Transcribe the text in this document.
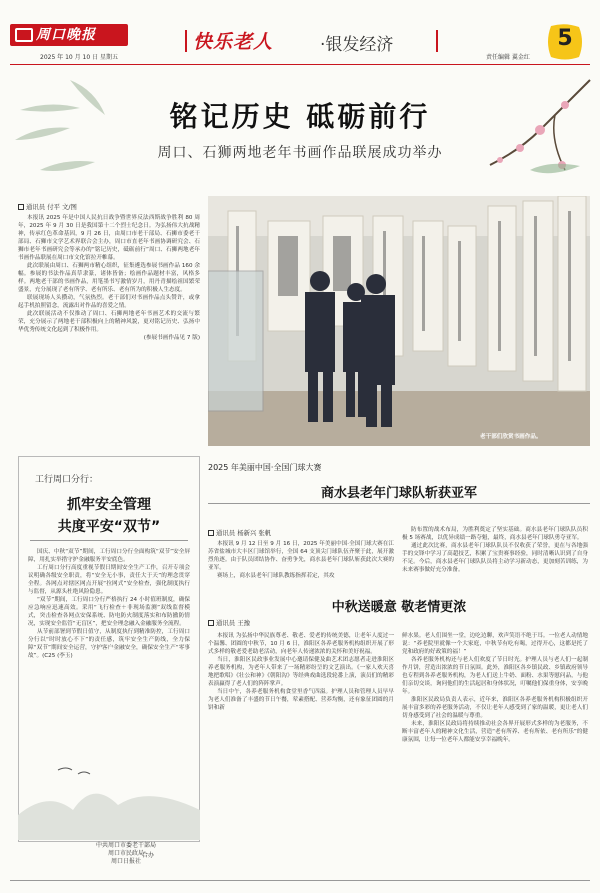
周口晚报
2025 年 10 月 10 日 星期五
快乐老人	·银发经济
责任编辑 翼金红
5
铭记历史 砥砺前行
周口、石狮两地老年书画作品联展成功举办
通讯员 付平 文/图

本报讯 2025 年是中国人民抗日战争暨世界反法西斯战争胜利 80 周年，2025 年 9 月 30 日是我国第十二个烈士纪念日。为弘扬伟大抗战精神，传承红色革命基因，9 月 26 日，由周口市老干部局、石狮市委老干部局、石狮市文学艺术界联合会主办，周口市直老年书画协调研究会、石狮市老年书画研究会等承办的“铭记历史，砥砺前行”周口、石狮两地老年书画作品联展在周口市文化馆拉开帷幕。

此次联展由周口、石狮两市精心组织，征集遴选参展书画作品 160 余幅。参展的书法作品真草隶篆，诸体皆备；绘画作品题材丰富，风格多样。两地老干部的书画作品，用笔墨书写激情岁月，用丹青描绘祖国繁荣盛景，充分展现了老有所学、老有所乐、老有所为的积极人生态度。

联展现场人头攒动，气氛热烈。老干部们对书画作品点头赞许，或拿起手机拍照留念，流露出对作品的喜爱之情。

此次联展活动不仅推动了周口、石狮两地老年书画艺术的交流与繁荣，充分展示了两地老干部积极向上的精神风貌，更对铭记历史、弘扬中华优秀传统文化起到了积极作用。

(参展书画作品见 7 版)
老干部们欣赏书画作品。
工行周口分行：
抓牢安全管理
共度平安“双节”

国庆、中秋“双节”期间，工行周口分行全面构筑“双节”安全屏障，用扎实举措守护金融服务平安底色。

工行周口分行高度重视节假日期间安全生产工作，召开专项会议明确各级安全职责，将“安全无小事，责任大于天”的理念贯穿全程。各网点对辖区网点开展“拉网式”安全检查，强化制度执行与监督，从源头杜绝风险隐患。

“双节”期间，工行周口分行严格执行 24 小时值班制度，确保应急响应迅速高效。采用“飞行检查＋非现场监测”双线监督模式，突击检查各网点安保系统、防电防火制度落实和布防撤防情况，实现安全监管“无盲区”，把安全理念融入金融服务全流程。

从节前部署到节假日值守，从制度执行到精准防控，工行周口分行以“时时放心不下”的责任感，筑牢安全生产防线，全力保障“双节”期间安全运营，守护客户金融安全，确保安全生产“零事故”。(C25 (李玉)

中共周口市委老干部局
周口市民政局
周口日报社
合办
2025 年美丽中国·全国门球大赛
商水县老年门球队斩获亚军
通讯员 杨新兴 张帆

本报讯 9 月 12 日至 9 月 16 日，2025 年美丽中国·全国门球大赛在江苏省盐城市大丰区门球馆举行，全国 64 支顶尖门球队伍齐聚于此，展开激烈角逐。由于队员团结协作、奋勇争先，商水县老年门球队斩获此次大赛的亚军。

赛场上，商水县老年门球队教练指挥若定，其攻

防布置的战术布局，为胜利奠定了坚实基础。商水县老年门球队队员积极 5 场赛战，以优异成绩一路夺魁，最终，商水县老年门球队勇夺亚军。

通过此次比赛，商水县老年门球队队员不仅收获了荣誉，更在与各地强手的交锋中学习了高超技艺，积累了宝贵赛事经验，同时清晰认识到了自身不足。今后，商水县老年门球队队员将主动学习新动态，更加刻苦训练，为未来赛事做好充分准备。

中秋送暖意 敬老情更浓
通讯员 王豫

本报讯 为弘扬中华民族尊老、敬老、爱老的传统美德，让老年人度过一个温馨、团圆的中秋节，10 月 6 日，淮阳区各养老服务机构组织开展了形式多样的敬老爱老助老活动，向老年人传递浓浓的关怀和美好祝福。

当日，淮阳区民政事业发展中心邀请保健及曲艺术团志愿者走进淮阳区养老服务机构，为老年人带来了一场精彩纷呈的文艺演出。《一家人欢天喜地把歌唱》《壮公和神》《朝阳沟》等经典戏曲选段轮番上演，演员们的精彩表演赢得了老人们的阵阵掌声。

当日中午，各养老服务机构食堂里香气四溢。护理人员和管理人员早早为老人们准备了丰盛的节日午餐，荤素搭配、营养均衡，还有象征团圆的月饼和新

鲜水果。老人们围坐一堂，边吃边聊，欢声笑语不绝于耳。一位老人动情地说：“养老院里就像一个大家庭，中秋节有吃有喝，过得开心，这都是托了党和政府的好政策的福！”

各养老服务机构还与老人们欢度了节日时光。护理人员与老人们一起制作月饼，营造出浓浓的节日氛围。此外，淮阳区各乡镇民政、乡镇政府领导也专程到各养老服务机构，为老人们送上牛奶、面粉、水果等慰问品，与他们亲切交谈，询问他们的生活起居和身体状况，叮嘱他们保重身体，安享晚年。

淮阳区民政局负责人表示，近年来，淮阳区各养老服务机构积极组织开展丰富多彩的养老服务活动，不仅让老年人感受到了家的温暖，更让老人们切身感受到了社会的温暖与尊重。

未来，淮阳区民政局将持续推动社会各界开展形式多样的为老服务，不断丰富老年人的精神文化生活，营造“老有所养、老有所依、老有所乐”的健康氛围，让每一位老年人都能安享幸福晚年。
